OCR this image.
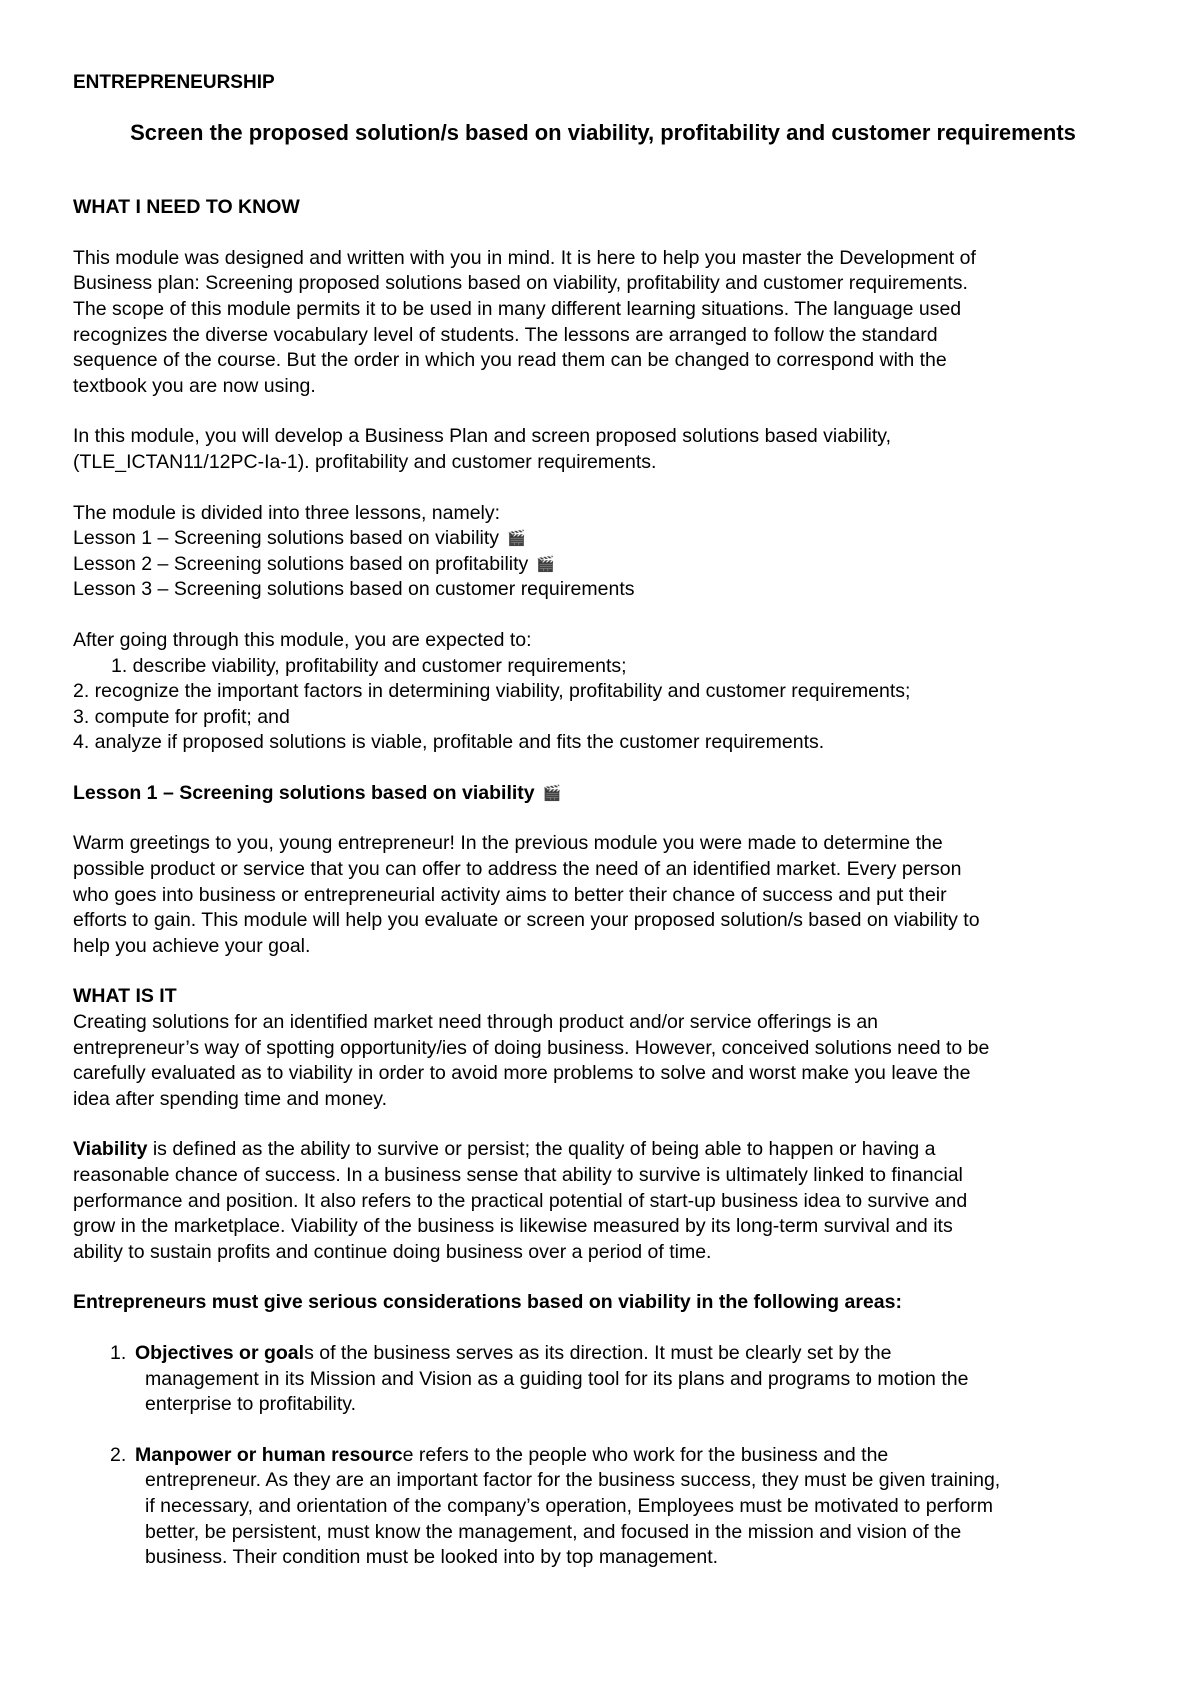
ENTREPRENEURSHIP

Screen the proposed solution/s based on viability, profitability and customer requirements

WHAT I NEED TO KNOW

This module was designed and written with you in mind. It is here to help you master the Development of
Business plan: Screening proposed solutions based on viability, profitability and customer requirements.
The scope of this module permits it to be used in many different learning situations. The language used
recognizes the diverse vocabulary level of students. The lessons are arranged to follow the standard
sequence of the course. But the order in which you read them can be changed to correspond with the
textbook you are now using.

In this module, you will develop a Business Plan and screen proposed solutions based viability,
(TLE_ICTAN11/12PC-Ia-1). profitability and customer requirements.

The module is divided into three lessons, namely:
Lesson 1 – Screening solutions based on viability 🎬
Lesson 2 – Screening solutions based on profitability 🎬
Lesson 3 – Screening solutions based on customer requirements
After going through this module, you are expected to:
1. describe viability, profitability and customer requirements;
2. recognize the important factors in determining viability, profitability and customer requirements;
3. compute for profit; and
4. analyze if proposed solutions is viable, profitable and fits the customer requirements.

Lesson 1 – Screening solutions based on viability 🎬

Warm greetings to you, young entrepreneur! In the previous module you were made to determine the
possible product or service that you can offer to address the need of an identified market. Every person
who goes into business or entrepreneurial activity aims to better their chance of success and put their
efforts to gain. This module will help you evaluate or screen your proposed solution/s based on viability to
help you achieve your goal.

WHAT IS IT

Creating solutions for an identified market need through product and/or service offerings is an
entrepreneur’s way of spotting opportunity/ies of doing business. However, conceived solutions need to be
carefully evaluated as to viability in order to avoid more problems to solve and worst make you leave the
idea after spending time and money.

Viability is defined as the ability to survive or persist; the quality of being able to happen or having a
reasonable chance of success. In a business sense that ability to survive is ultimately linked to financial
performance and position. It also refers to the practical potential of start-up business idea to survive and
grow in the marketplace. Viability of the business is likewise measured by its long-term survival and its
ability to sustain profits and continue doing business over a period of time.

Entrepreneurs must give serious considerations based on viability in the following areas:

1. Objectives or goals of the business serves as its direction. It must be clearly set by the
management in its Mission and Vision as a guiding tool for its plans and programs to motion the
enterprise to profitability.
2. Manpower or human resource refers to the people who work for the business and the
entrepreneur. As they are an important factor for the business success, they must be given training,
if necessary, and orientation of the company’s operation, Employees must be motivated to perform
better, be persistent, must know the management, and focused in the mission and vision of the
business. Their condition must be looked into by top management.
